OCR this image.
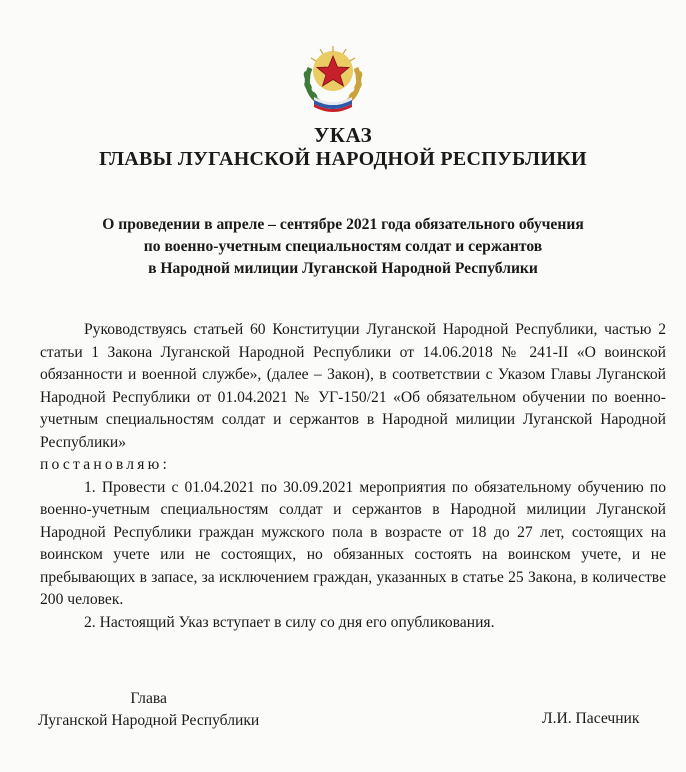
УКАЗ
ГЛАВЫ ЛУГАНСКОЙ НАРОДНОЙ РЕСПУБЛИКИ
О проведении в апреле – сентябре 2021 года обязательного обучения
по военно-учетным специальностям солдат и сержантов
в Народной милиции Луганской Народной Республики

Руководствуясь статьей 60 Конституции Луганской Народной Республики, частью 2 статьи 1 Закона Луганской Народной Республики от 14.06.2018 № 241-II «О воинской обязанности и военной службе», (далее – Закон), в соответствии с Указом Главы Луганской Народной Республики от 01.04.2021 № УГ-150/21 «Об обязательном обучении по военно-учетным специальностям солдат и сержантов в Народной милиции Луганской Народной Республики»

постановляю:

1. Провести с 01.04.2021 по 30.09.2021 мероприятия по обязательному обучению по военно-учетным специальностям солдат и сержантов в Народной милиции Луганской Народной Республики граждан мужского пола в возрасте от 18 до 27 лет, состоящих на воинском учете или не состоящих, но обязанных состоять на воинском учете, и не пребывающих в запасе, за исключением граждан, указанных в статье 25 Закона, в количестве 200 человек.

2. Настоящий Указ вступает в силу со дня его опубликования.

Глава
Луганской Народной Республики	Л.И. Пасечник
